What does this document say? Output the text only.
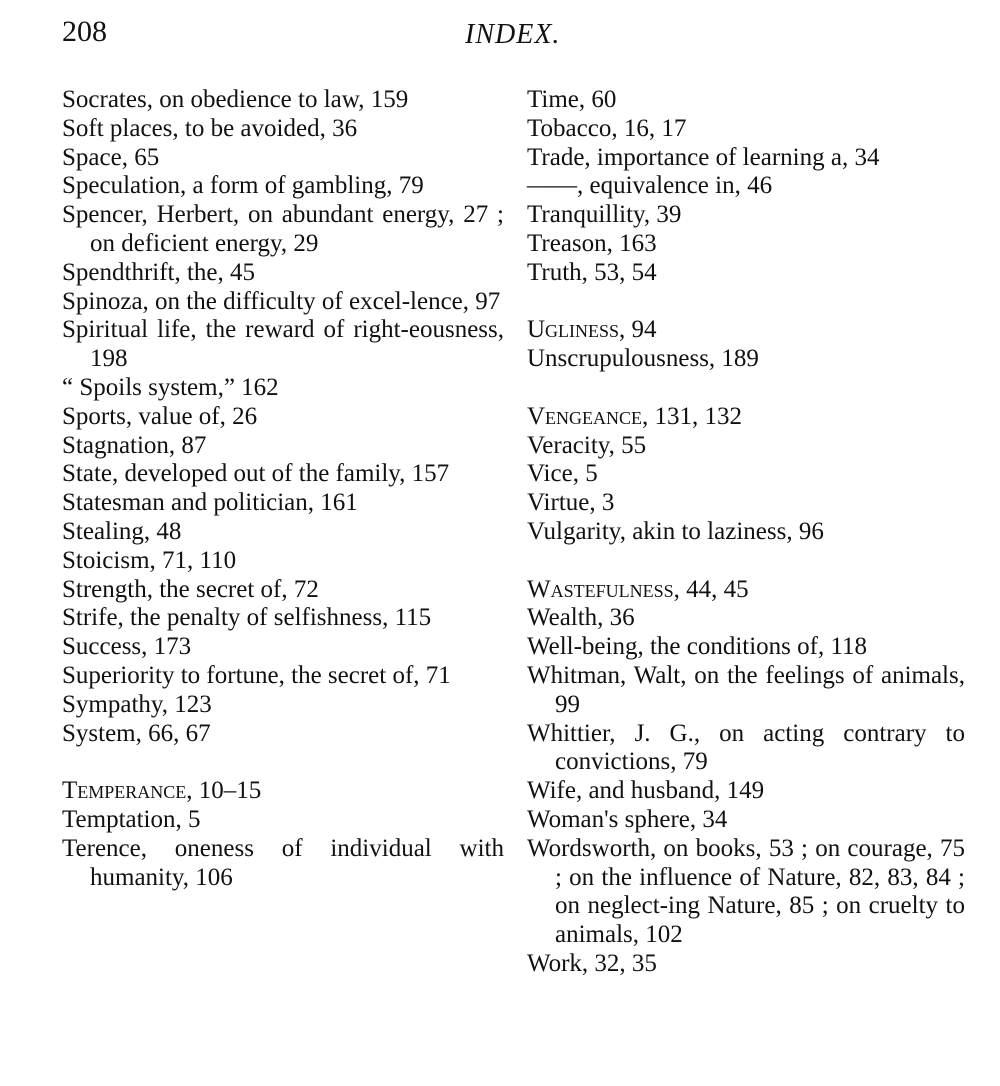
208	INDEX.

Socrates, on obedience to law, 159

Soft places, to be avoided, 36

Space, 65

Speculation, a form of gambling, 79

Spencer, Herbert, on abundant energy, 27 ; on deficient energy, 29

Spendthrift, the, 45

Spinoza, on the difficulty of excel-lence, 97

Spiritual life, the reward of right-eousness, 198

“ Spoils system,” 162

Sports, value of, 26

Stagnation, 87

State, developed out of the family, 157

Statesman and politician, 161

Stealing, 48

Stoicism, 71, 110

Strength, the secret of, 72

Strife, the penalty of selfishness, 115

Success, 173

Superiority to fortune, the secret of, 71

Sympathy, 123

System, 66, 67

Temperance, 10–15

Temptation, 5

Terence, oneness of individual with humanity, 106

Time, 60

Tobacco, 16, 17

Trade, importance of learning a, 34

——, equivalence in, 46

Tranquillity, 39

Treason, 163

Truth, 53, 54

Ugliness, 94

Unscrupulousness, 189

Vengeance, 131, 132

Veracity, 55

Vice, 5

Virtue, 3

Vulgarity, akin to laziness, 96

Wastefulness, 44, 45

Wealth, 36

Well-being, the conditions of, 118

Whitman, Walt, on the feelings of animals, 99

Whittier, J. G., on acting contrary to convictions, 79

Wife, and husband, 149

Woman's sphere, 34

Wordsworth, on books, 53 ; on courage, 75 ; on the influence of Nature, 82, 83, 84 ; on neglect-ing Nature, 85 ; on cruelty to animals, 102

Work, 32, 35
